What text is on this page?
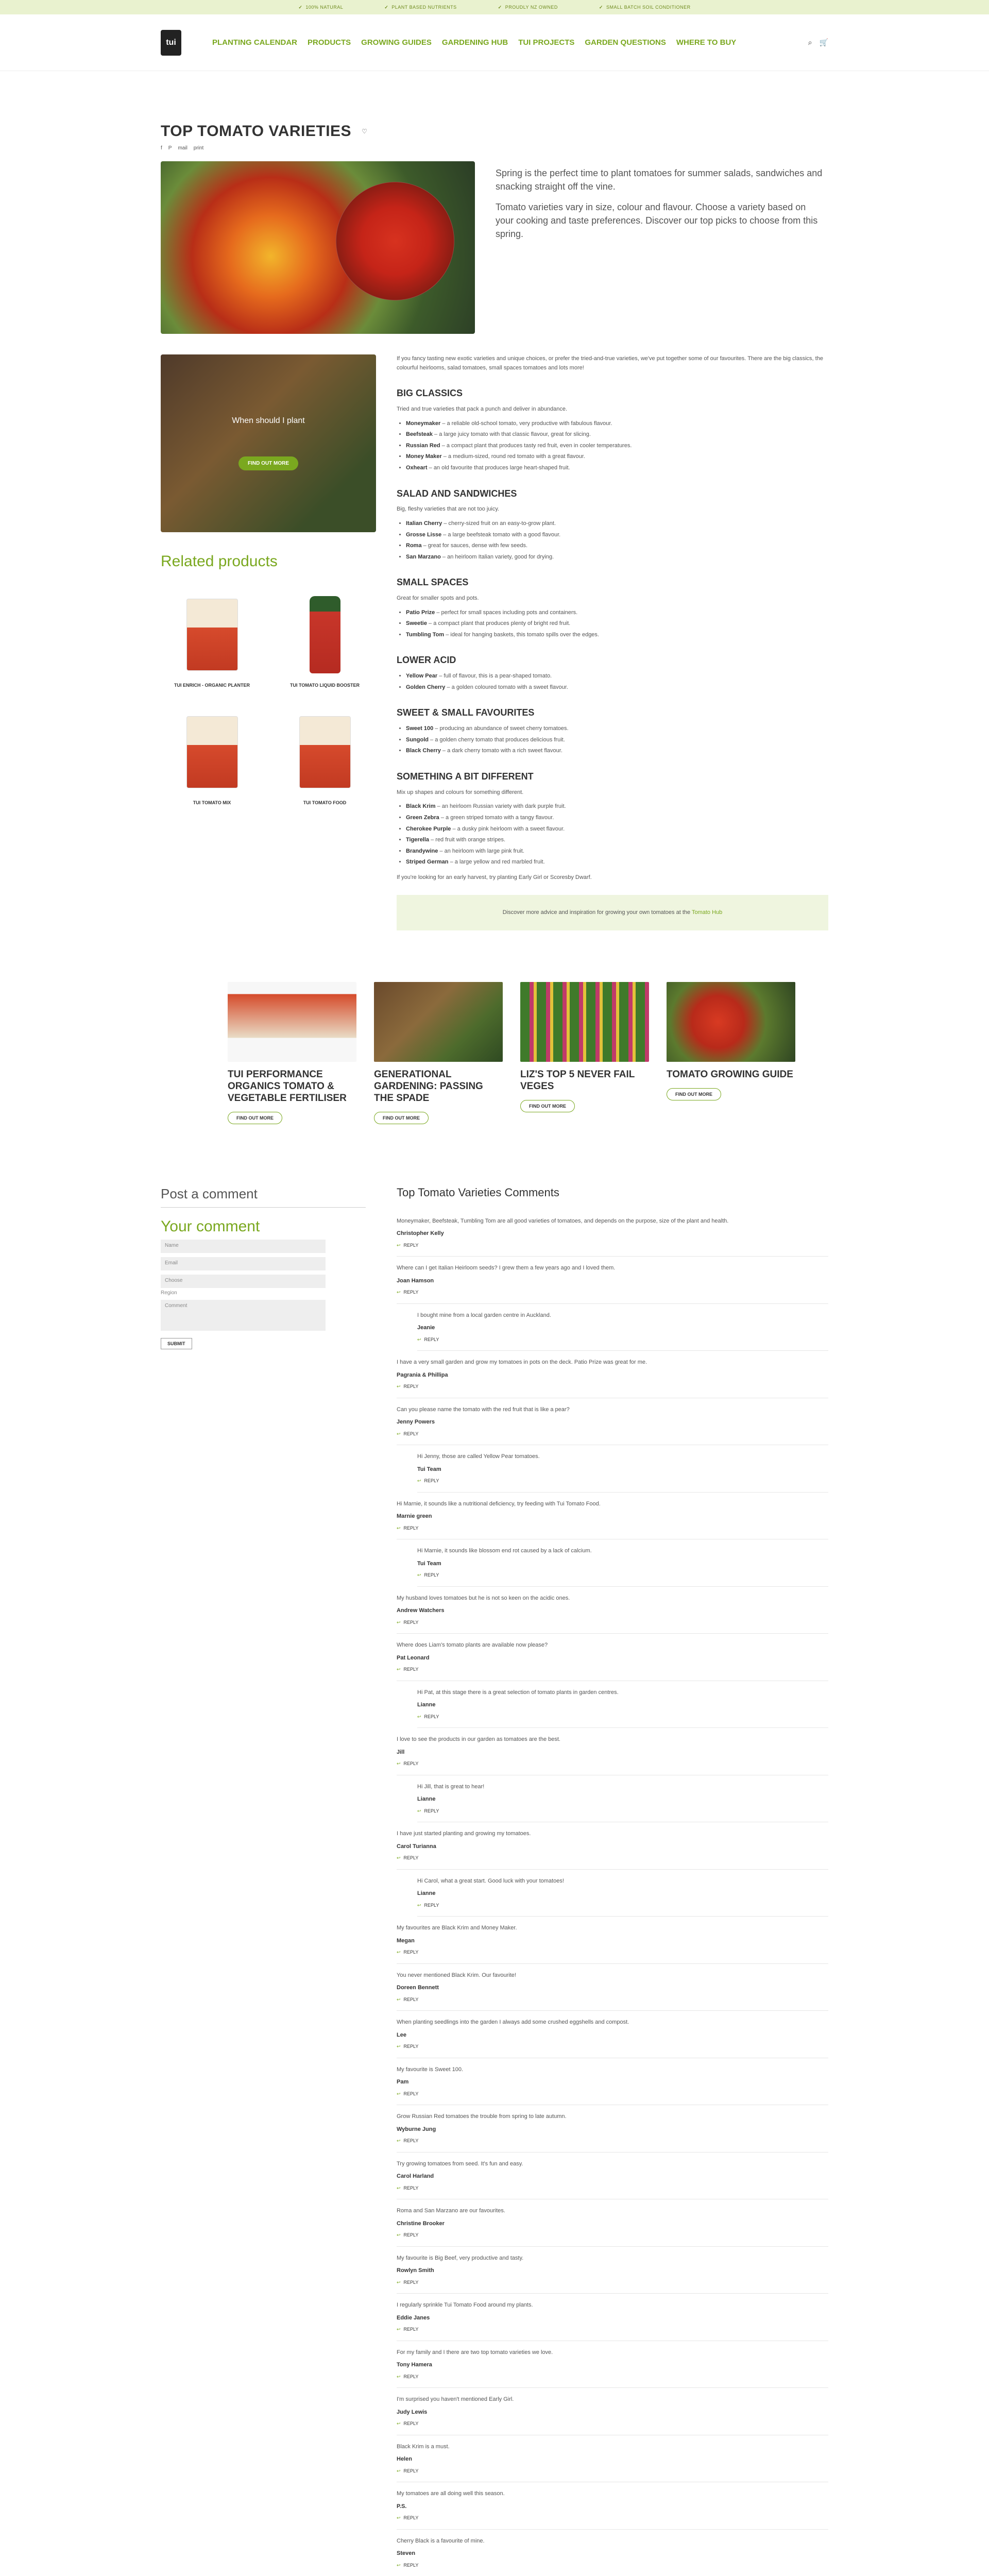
✓ 100% NATURAL	✓ PLANT BASED NUTRIENTS	✓ PROUDLY NZ OWNED	✓ SMALL BATCH SOIL CONDITIONER
tui	PLANTING CALENDAR PRODUCTS GROWING GUIDES GARDENING HUB TUI PROJECTS GARDEN QUESTIONS WHERE TO BUY	⌕ 🛒
TOP TOMATO VARIETIES ♡
f P mail print

Spring is the perfect time to plant tomatoes for summer salads, sandwiches and snacking straight off the vine.

Tomato varieties vary in size, colour and flavour. Choose a variety based on your cooking and taste preferences. Discover our top picks to choose from this spring.

When should I plant
FIND OUT MORE
Related products
TUI ENRICH - ORGANIC PLANTER	TUI TOMATO LIQUID BOOSTER
TUI TOMATO MIX	TUI TOMATO FOOD

If you fancy tasting new exotic varieties and unique choices, or prefer the tried-and-true varieties, we've put together some of our favourites. There are the big classics, the colourful heirlooms, salad tomatoes, small spaces tomatoes and lots more!

BIG CLASSICS

Tried and true varieties that pack a punch and deliver in abundance.

• Moneymaker – a reliable old-school tomato, very productive with fabulous flavour.
• Beefsteak – a large juicy tomato with that classic flavour, great for slicing.
• Russian Red – a compact plant that produces tasty red fruit, even in cooler temperatures.
• Money Maker – a medium-sized, round red tomato with a great flavour.
• Oxheart – an old favourite that produces large heart-shaped fruit.
SALAD AND SANDWICHES

Big, fleshy varieties that are not too juicy.

• Italian Cherry – cherry-sized fruit on an easy-to-grow plant.
• Grosse Lisse – a large beefsteak tomato with a good flavour.
• Roma – great for sauces, dense with few seeds.
• San Marzano – an heirloom Italian variety, good for drying.
SMALL SPACES

Great for smaller spots and pots.

• Patio Prize – perfect for small spaces including pots and containers.
• Sweetie – a compact plant that produces plenty of bright red fruit.
• Tumbling Tom – ideal for hanging baskets, this tomato spills over the edges.
LOWER ACID
• Yellow Pear – full of flavour, this is a pear-shaped tomato.
• Golden Cherry – a golden coloured tomato with a sweet flavour.
SWEET & SMALL FAVOURITES
• Sweet 100 – producing an abundance of sweet cherry tomatoes.
• Sungold – a golden cherry tomato that produces delicious fruit.
• Black Cherry – a dark cherry tomato with a rich sweet flavour.
SOMETHING A BIT DIFFERENT

Mix up shapes and colours for something different.

• Black Krim – an heirloom Russian variety with dark purple fruit.
• Green Zebra – a green striped tomato with a tangy flavour.
• Cherokee Purple – a dusky pink heirloom with a sweet flavour.
• Tigerella – red fruit with orange stripes.
• Brandywine – an heirloom with large pink fruit.
• Striped German – a large yellow and red marbled fruit.

If you're looking for an early harvest, try planting Early Girl or Scoresby Dwarf.

Discover more advice and inspiration for growing your own tomatoes at the Tomato Hub
TUI PERFORMANCE ORGANICS TOMATO & VEGETABLE FERTILISER
FIND OUT MORE
GENERATIONAL GARDENING: PASSING THE SPADE
FIND OUT MORE
LIZ'S TOP 5 NEVER FAIL VEGES
FIND OUT MORE
TOMATO GROWING GUIDE
FIND OUT MORE
Post a comment
Your comment
Name
Email
Choose
Region
Comment
SUBMIT
Top Tomato Varieties Comments
Moneymaker, Beefsteak, Tumbling Tom are all good varieties of tomatoes, and depends on the purpose, size of the plant and health.
Christopher Kelly
↩ REPLY
Where can I get Italian Heirloom seeds? I grew them a few years ago and I loved them.
Joan Hamson
↩ REPLY
I bought mine from a local garden centre in Auckland.
Jeanie
↩ REPLY
I have a very small garden and grow my tomatoes in pots on the deck. Patio Prize was great for me.
Pagrania & Phillipa
↩ REPLY
Can you please name the tomato with the red fruit that is like a pear?
Jenny Powers
↩ REPLY
Hi Jenny, those are called Yellow Pear tomatoes.
Tui Team
↩ REPLY
Hi Marnie, it sounds like a nutritional deficiency, try feeding with Tui Tomato Food.
Marnie green
↩ REPLY
Hi Marnie, it sounds like blossom end rot caused by a lack of calcium.
Tui Team
↩ REPLY
My husband loves tomatoes but he is not so keen on the acidic ones.
Andrew Watchers
↩ REPLY
Where does Liam's tomato plants are available now please?
Pat Leonard
↩ REPLY
Hi Pat, at this stage there is a great selection of tomato plants in garden centres.
Lianne
↩ REPLY
I love to see the products in our garden as tomatoes are the best.
Jill
↩ REPLY
Hi Jill, that is great to hear!
Lianne
↩ REPLY
I have just started planting and growing my tomatoes.
Carol Turianna
↩ REPLY
Hi Carol, what a great start. Good luck with your tomatoes!
Lianne
↩ REPLY
My favourites are Black Krim and Money Maker.
Megan
↩ REPLY
You never mentioned Black Krim. Our favourite!
Doreen Bennett
↩ REPLY
When planting seedlings into the garden I always add some crushed eggshells and compost.
Lee
↩ REPLY
My favourite is Sweet 100.
Pam
↩ REPLY
Grow Russian Red tomatoes the trouble from spring to late autumn.
Wyburne Jung
↩ REPLY
Try growing tomatoes from seed. It's fun and easy.
Carol Harland
↩ REPLY
Roma and San Marzano are our favourites.
Christine Brooker
↩ REPLY
My favourite is Big Beef, very productive and tasty.
Rowlyn Smith
↩ REPLY
I regularly sprinkle Tui Tomato Food around my plants.
Eddie Janes
↩ REPLY
For my family and I there are two top tomato varieties we love.
Tony Hamera
↩ REPLY
I'm surprised you haven't mentioned Early Girl.
Judy Lewis
↩ REPLY
Black Krim is a must.
Helen
↩ REPLY
My tomatoes are all doing well this season.
P.S.
↩ REPLY
Cherry Black is a favourite of mine.
Steven
↩ REPLY
